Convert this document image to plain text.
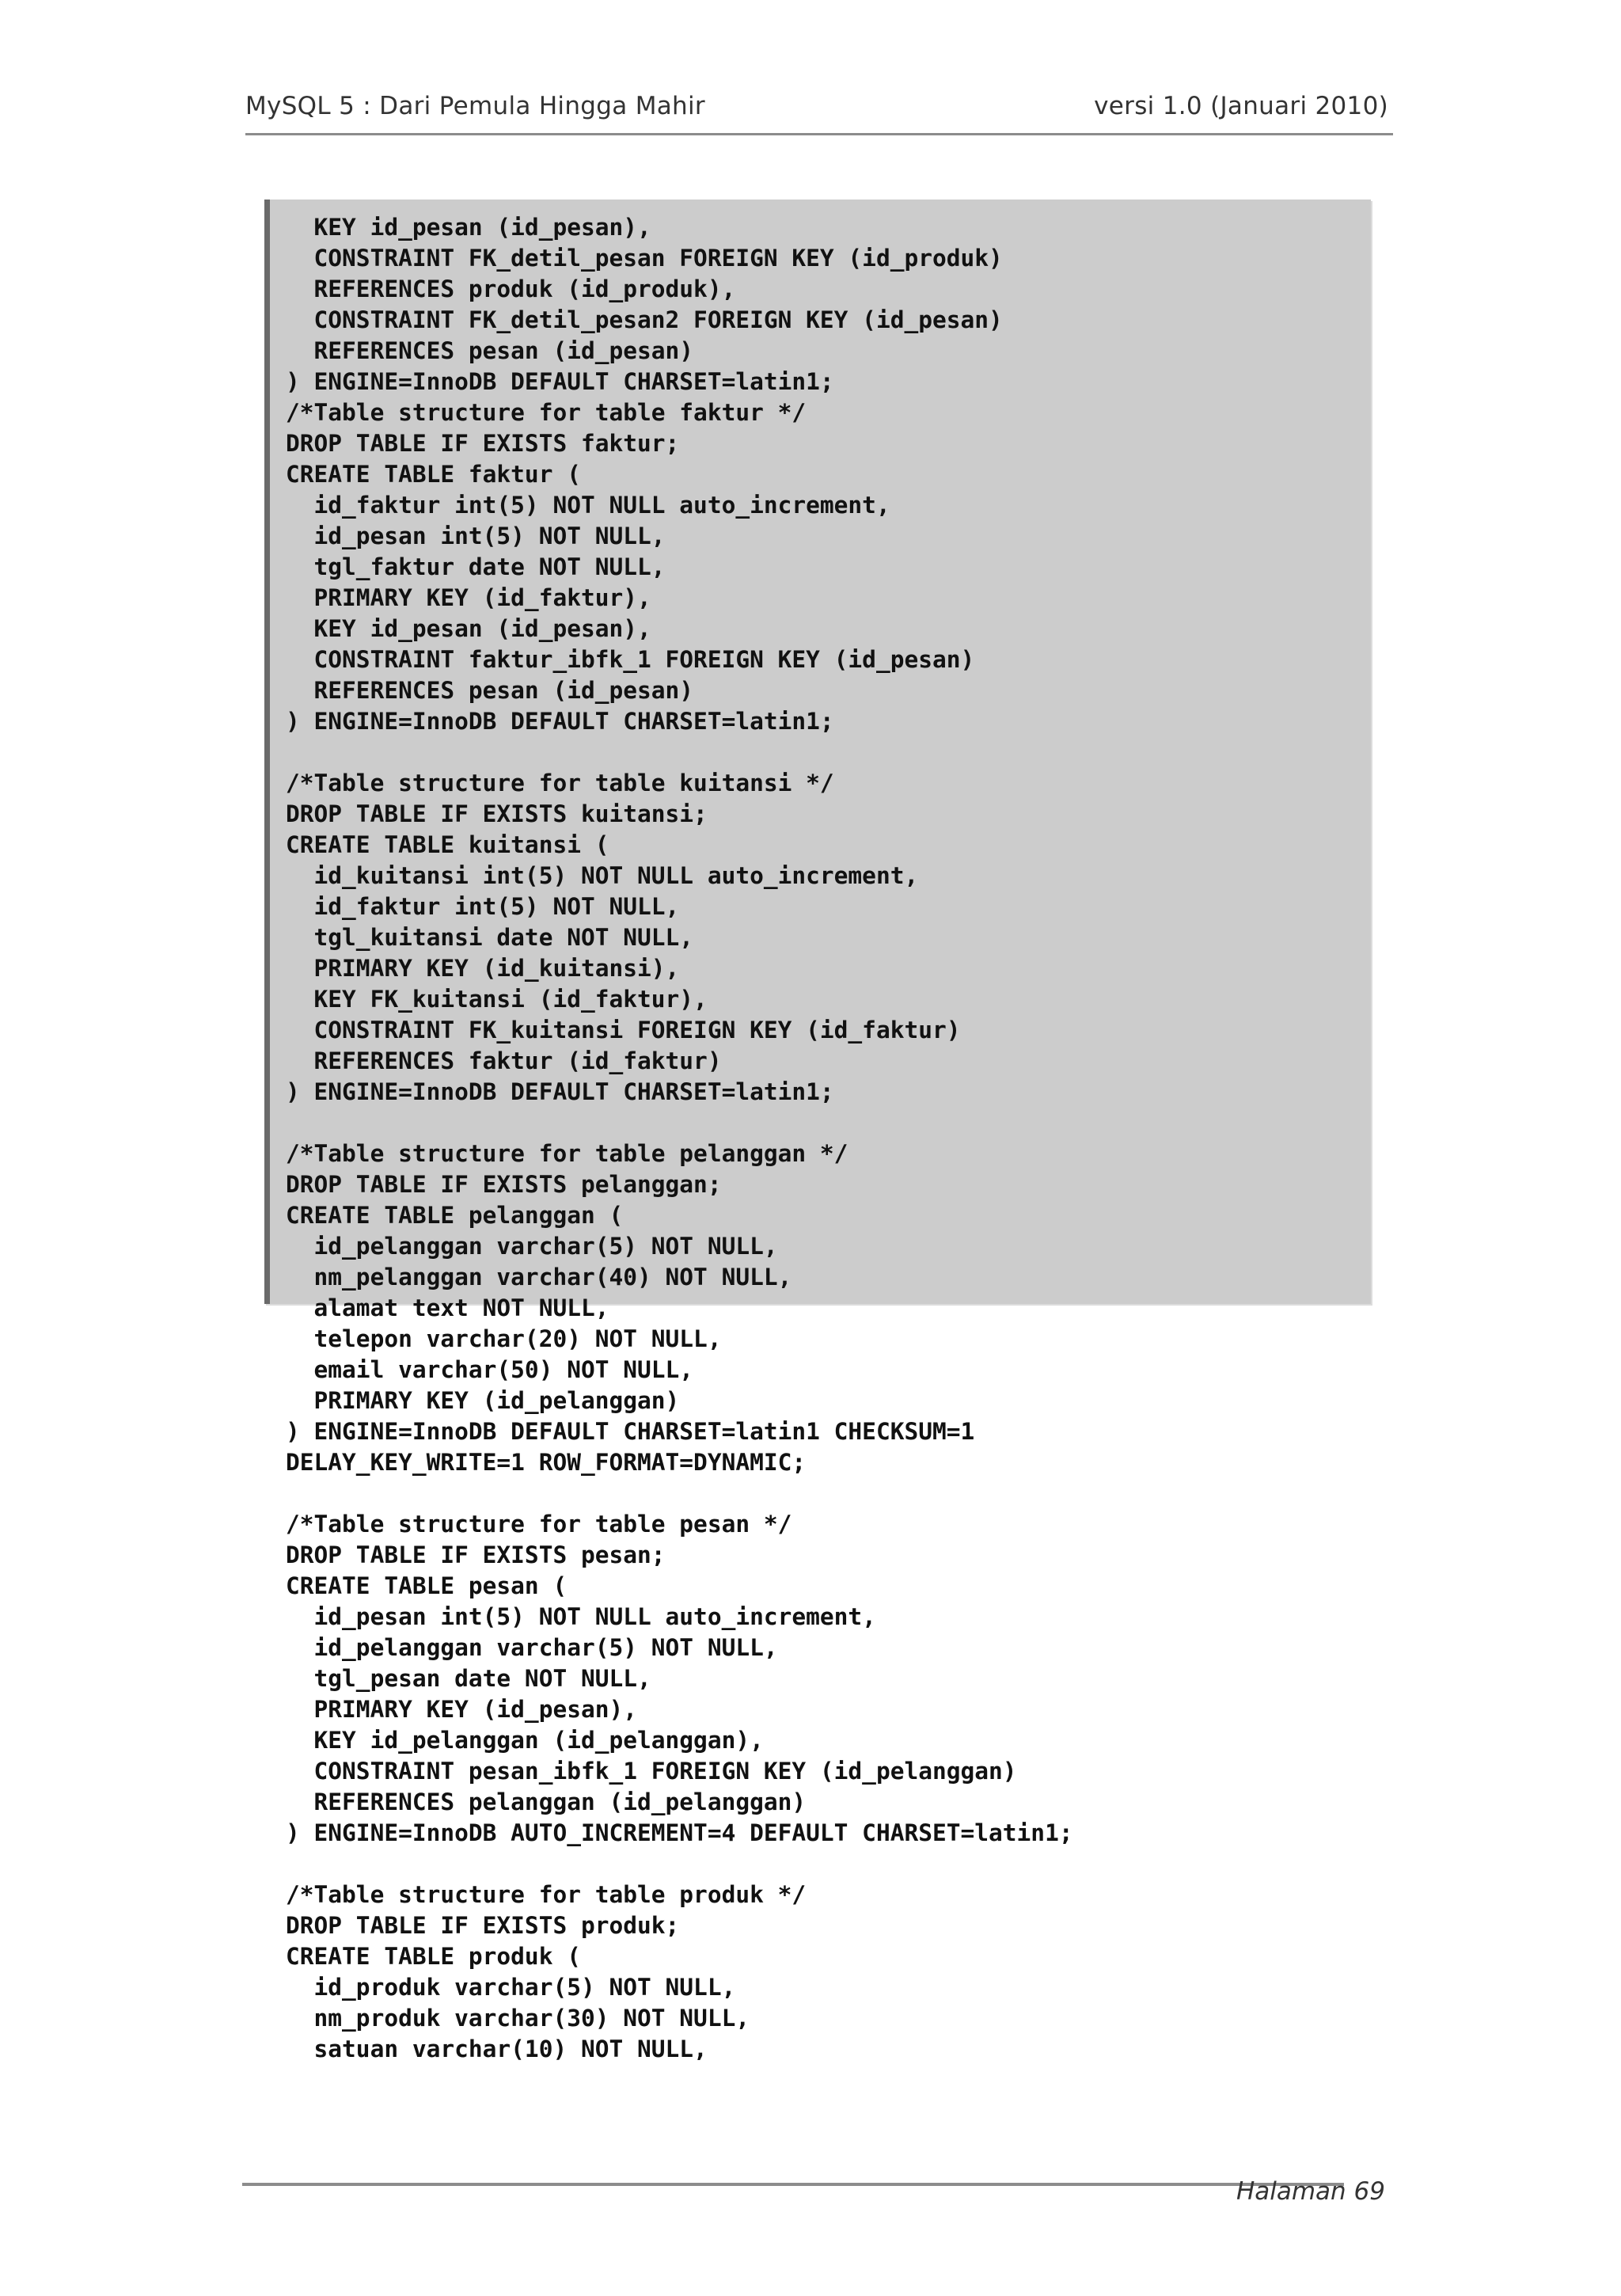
MySQL 5 : Dari Pemula Hingga Mahir	versi 1.0 (Januari 2010)
KEY id_pesan (id_pesan),
CONSTRAINT FK_detil_pesan FOREIGN KEY (id_produk)
REFERENCES produk (id_produk),
CONSTRAINT FK_detil_pesan2 FOREIGN KEY (id_pesan)
REFERENCES pesan (id_pesan)
) ENGINE=InnoDB DEFAULT CHARSET=latin1;
/*Table structure for table faktur */
DROP TABLE IF EXISTS faktur;
CREATE TABLE faktur (
id_faktur int(5) NOT NULL auto_increment,
id_pesan int(5) NOT NULL,
tgl_faktur date NOT NULL,
PRIMARY KEY (id_faktur),
KEY id_pesan (id_pesan),
CONSTRAINT faktur_ibfk_1 FOREIGN KEY (id_pesan)
REFERENCES pesan (id_pesan)
) ENGINE=InnoDB DEFAULT CHARSET=latin1;
/*Table structure for table kuitansi */
DROP TABLE IF EXISTS kuitansi;
CREATE TABLE kuitansi (
id_kuitansi int(5) NOT NULL auto_increment,
id_faktur int(5) NOT NULL,
tgl_kuitansi date NOT NULL,
PRIMARY KEY (id_kuitansi),
KEY FK_kuitansi (id_faktur),
CONSTRAINT FK_kuitansi FOREIGN KEY (id_faktur)
REFERENCES faktur (id_faktur)
) ENGINE=InnoDB DEFAULT CHARSET=latin1;
/*Table structure for table pelanggan */
DROP TABLE IF EXISTS pelanggan;
CREATE TABLE pelanggan (
id_pelanggan varchar(5) NOT NULL,
nm_pelanggan varchar(40) NOT NULL,
alamat text NOT NULL,
telepon varchar(20) NOT NULL,
email varchar(50) NOT NULL,
PRIMARY KEY (id_pelanggan)
) ENGINE=InnoDB DEFAULT CHARSET=latin1 CHECKSUM=1
DELAY_KEY_WRITE=1 ROW_FORMAT=DYNAMIC;
/*Table structure for table pesan */
DROP TABLE IF EXISTS pesan;
CREATE TABLE pesan (
id_pesan int(5) NOT NULL auto_increment,
id_pelanggan varchar(5) NOT NULL,
tgl_pesan date NOT NULL,
PRIMARY KEY (id_pesan),
KEY id_pelanggan (id_pelanggan),
CONSTRAINT pesan_ibfk_1 FOREIGN KEY (id_pelanggan)
REFERENCES pelanggan (id_pelanggan)
) ENGINE=InnoDB AUTO_INCREMENT=4 DEFAULT CHARSET=latin1;
/*Table structure for table produk */
DROP TABLE IF EXISTS produk;
CREATE TABLE produk (
id_produk varchar(5) NOT NULL,
nm_produk varchar(30) NOT NULL,
satuan varchar(10) NOT NULL,
Halaman 69
